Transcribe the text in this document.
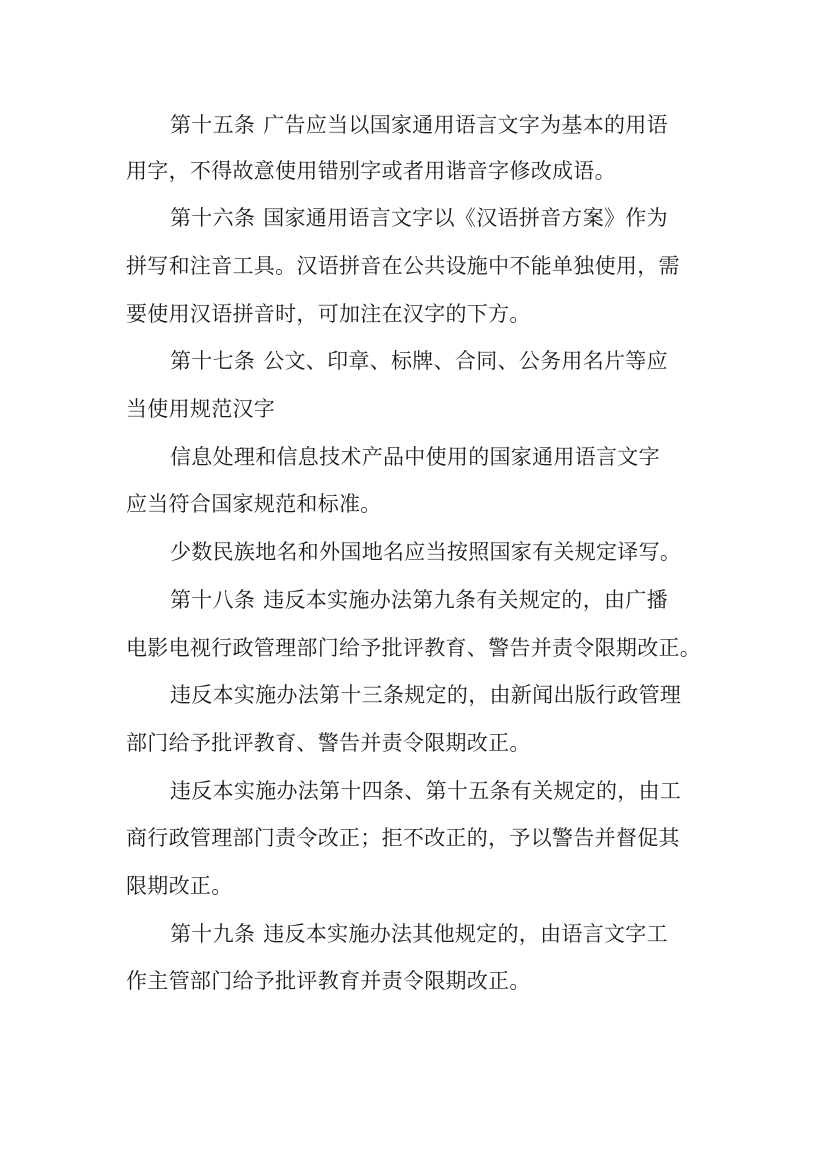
第十五条 广告应当以国家通用语言文字为基本的用语
用字，不得故意使用错别字或者用谐音字修改成语。
第十六条 国家通用语言文字以《汉语拼音方案》作为
拼写和注音工具。汉语拼音在公共设施中不能单独使用，需
要使用汉语拼音时，可加注在汉字的下方。
第十七条 公文、印章、标牌、合同、公务用名片等应
当使用规范汉字
信息处理和信息技术产品中使用的国家通用语言文字
应当符合国家规范和标准。
少数民族地名和外国地名应当按照国家有关规定译写。
第十八条 违反本实施办法第九条有关规定的，由广播
电影电视行政管理部门给予批评教育、警告并责令限期改正。
违反本实施办法第十三条规定的，由新闻出版行政管理
部门给予批评教育、警告并责令限期改正。
违反本实施办法第十四条、第十五条有关规定的，由工
商行政管理部门责令改正；拒不改正的，予以警告并督促其
限期改正。
第十九条 违反本实施办法其他规定的，由语言文字工
作主管部门给予批评教育并责令限期改正。
